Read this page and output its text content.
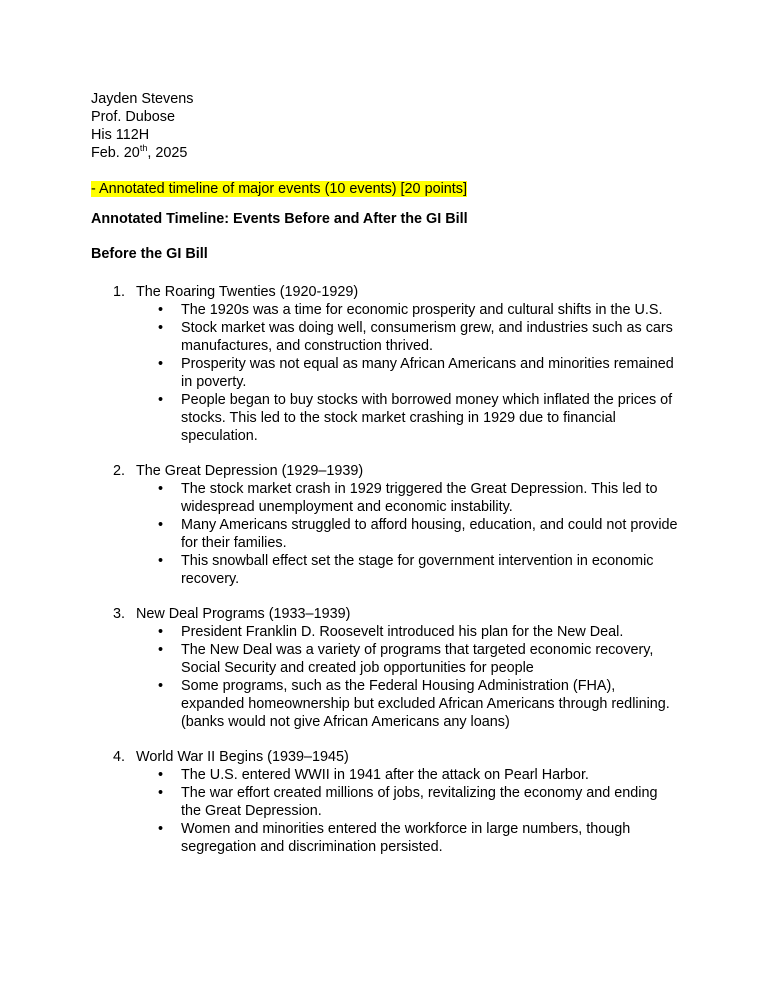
Jayden Stevens
Prof. Dubose
His 112H
Feb. 20th, 2025
- Annotated timeline of major events (10 events) [20 points]
Annotated Timeline: Events Before and After the GI Bill
Before the GI Bill
1. The Roaring Twenties (1920-1929)
• The 1920s was a time for economic prosperity and cultural shifts in the U.S.
• Stock market was doing well, consumerism grew, and industries such as cars manufactures, and construction thrived.
• Prosperity was not equal as many African Americans and minorities remained in poverty.
• People began to buy stocks with borrowed money which inflated the prices of stocks. This led to the stock market crashing in 1929 due to financial speculation.
2. The Great Depression (1929–1939)
• The stock market crash in 1929 triggered the Great Depression. This led to widespread unemployment and economic instability.
• Many Americans struggled to afford housing, education, and could not provide for their families.
• This snowball effect set the stage for government intervention in economic recovery.
3. New Deal Programs (1933–1939)
• President Franklin D. Roosevelt introduced his plan for the New Deal.
• The New Deal was a variety of programs that targeted economic recovery, Social Security and created job opportunities for people
• Some programs, such as the Federal Housing Administration (FHA), expanded homeownership but excluded African Americans through redlining. (banks would not give African Americans any loans)
4. World War II Begins (1939–1945)
• The U.S. entered WWII in 1941 after the attack on Pearl Harbor.
• The war effort created millions of jobs, revitalizing the economy and ending the Great Depression.
• Women and minorities entered the workforce in large numbers, though segregation and discrimination persisted.
